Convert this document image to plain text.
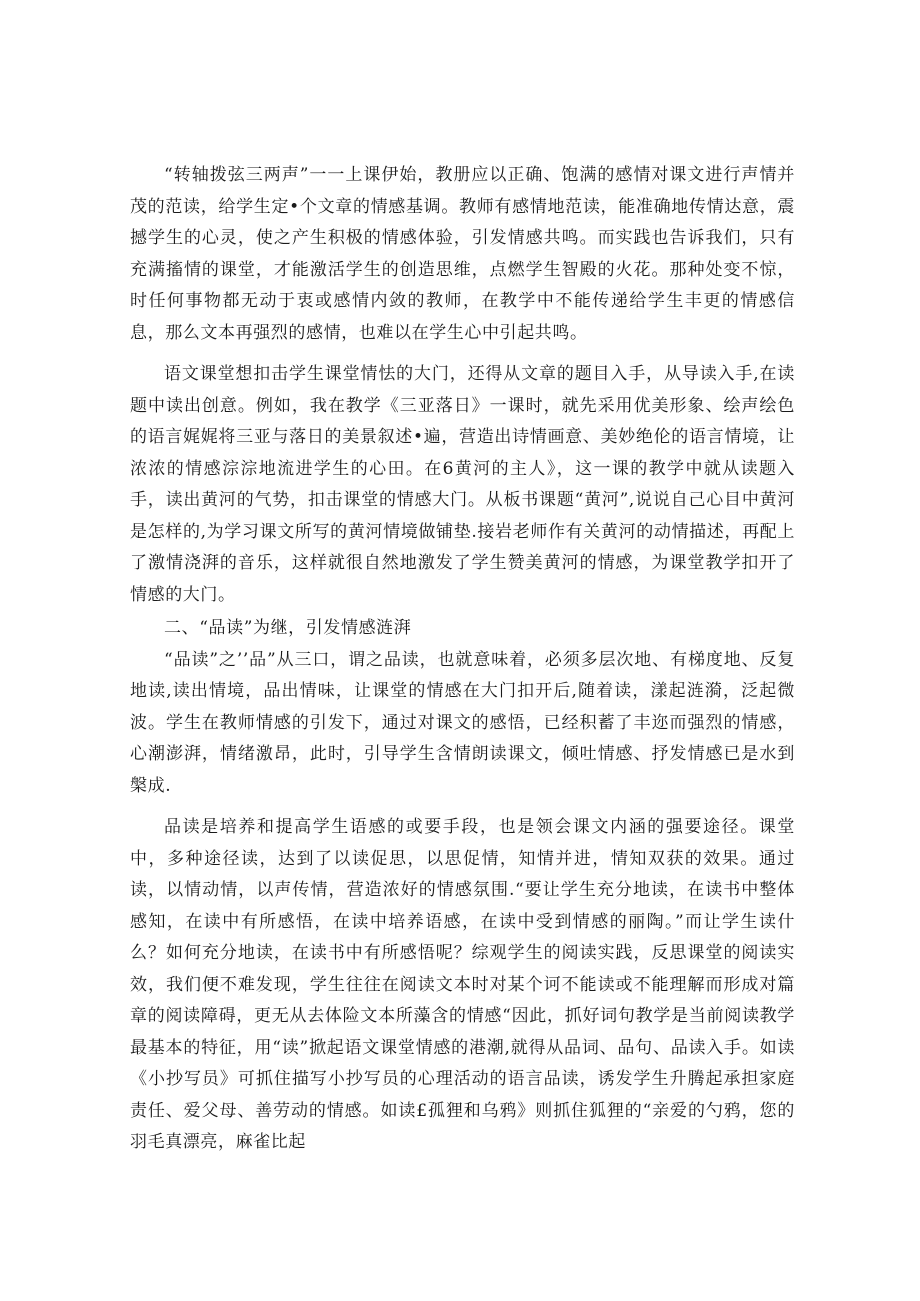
“转轴拨弦三两声”一一上课伊始，教册应以正确、饱满的感情对课文进行声情并茂的范读，给学生定•个文章的情感基调。教师有感情地范读，能准确地传情达意，震撼学生的心灵，使之产生积极的情感体验，引发情感共鸣。而实践也告诉我们，只有充满搐情的课堂，才能激活学生的创造思维，点燃学生智殿的火花。那种处变不惊，时任何事物都无动于衷或感情内敛的教师，在教学中不能传递给学生丰更的情感信息，那么文本再强烈的感情，也难以在学生心中引起共鸣。

语文课堂想扣击学生课堂情怯的大门，还得从文章的题目入手，从导读入手,在读题中读出创意。例如，我在教学《三亚落日》一课时，就先采用优美形象、绘声绘色的语言娓娓将三亚与落日的美景叙述•遍，营造出诗情画意、美妙绝伦的语言情境，让浓浓的情感淙淙地流进学生的心田。在6黄河的主人》，这一课的教学中就从读题入手，读出黄河的气势，扣击课堂的情感大门。从板书课题“黄河”,说说自己心目中黄河是怎样的,为学习课文所写的黄河情境做铺垫.接岩老师作有关黄河的动情描述，再配上了激情浇湃的音乐，这样就很自然地激发了学生赞美黄河的情感，为课堂教学扣开了情感的大门。

二、“品读”为继，引发情感涟湃

“品读”之’’品”从三口，谓之品读，也就意味着，必须多层次地、有梯度地、反复地读,读出情境，品出情味，让课堂的情感在大门扣开后,随着读，漾起涟漪，泛起微波。学生在教师情感的引发下，通过对课文的感悟，已经积蓄了丰迩而强烈的情感，心潮澎湃，情绪激昂，此时，引导学生含情朗读课文，倾吐情感、抒发情感已是水到槃成.

品读是培养和提高学生语感的或要手段，也是领会课文内涵的强要途径。课堂中，多种途径读，达到了以读促思，以思促情，知情并进，情知双获的效果。通过读，以情动情，以声传情，营造浓好的情感氛围.“要让学生充分地读，在读书中整体感知，在读中有所感悟，在读中培养语感，在读中受到情感的丽陶。”而让学生读什么？如何充分地读，在读书中有所感悟呢？综观学生的阅读实践，反思课堂的阅读实效，我们便不难发现，学生往往在阅读文本时对某个诃不能读或不能理解而形成对篇章的阅读障碍，更无从去体险文本所藻含的情感“因此，抓好词句教学是当前阅读教学最基本的特征，用“读”掀起语文课堂情感的港潮,就得从品词、品句、品读入手。如读《小抄写员》可抓住描写小抄写员的心理活动的语言品读，诱发学生升腾起承担家庭责任、爱父母、善劳动的情感。如读£孤狸和乌鸦》则抓住狐狸的“亲爱的勺鸦，您的羽毛真漂亮，麻雀比起
